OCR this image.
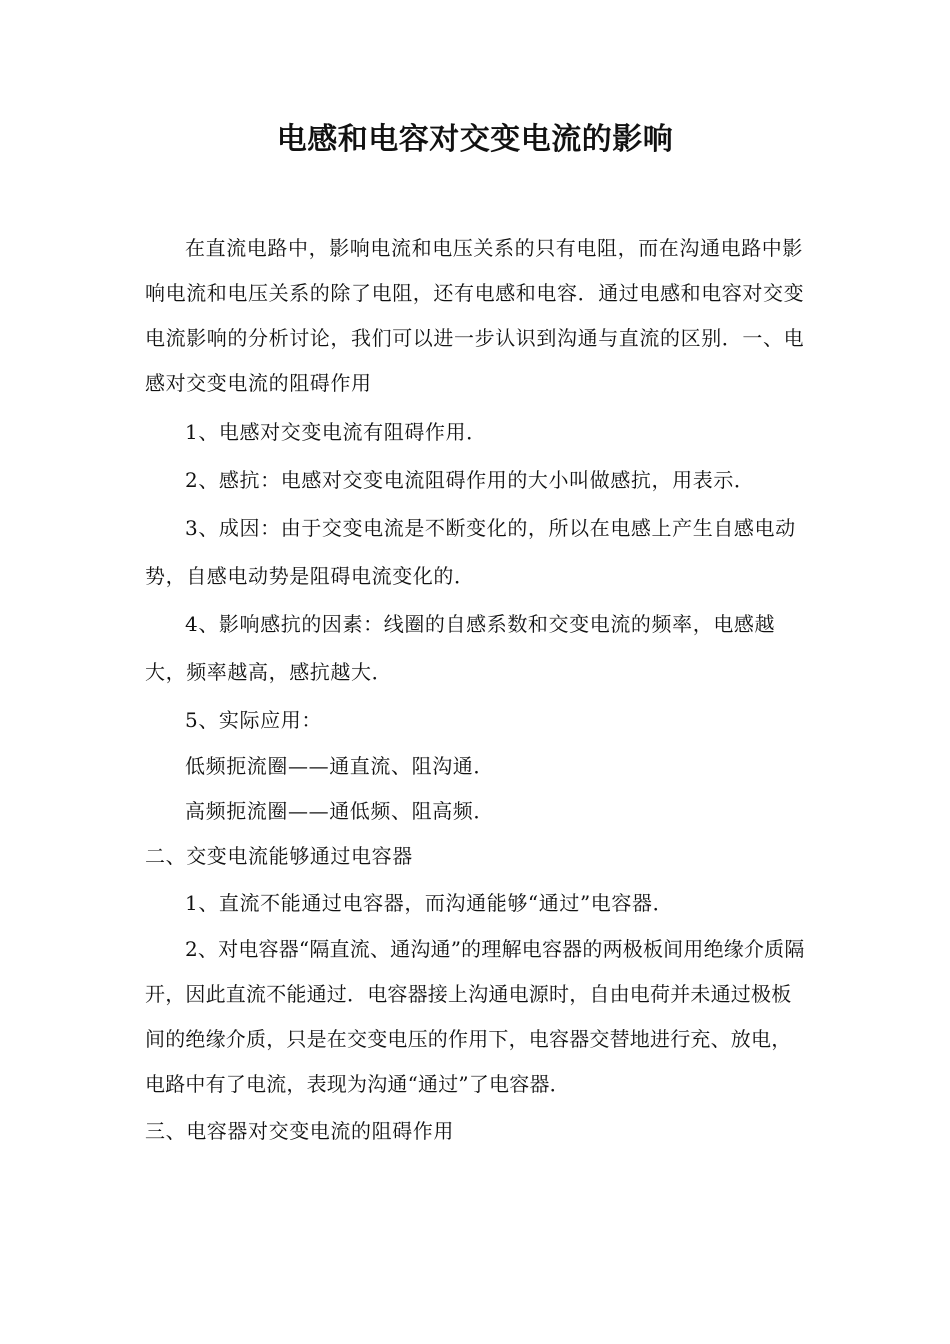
电感和电容对交变电流的影响

在直流电路中，影响电流和电压关系的只有电阻，而在沟通电路中影响电流和电压关系的除了电阻，还有电感和电容．通过电感和电容对交变电流影响的分析讨论，我们可以进一步认识到沟通与直流的区别．一、电感对交变电流的阻碍作用

1、电感对交变电流有阻碍作用．

2、感抗：电感对交变电流阻碍作用的大小叫做感抗，用表示．

3、成因：由于交变电流是不断变化的，所以在电感上产生自感电动势，自感电动势是阻碍电流变化的．

4、影响感抗的因素：线圈的自感系数和交变电流的频率，电感越大，频率越高，感抗越大．

5、实际应用：

低频扼流圈——通直流、阻沟通．

高频扼流圈——通低频、阻高频．

二、交变电流能够通过电容器

1、直流不能通过电容器，而沟通能够“通过”电容器．

2、对电容器“隔直流、通沟通”的理解电容器的两极板间用绝缘介质隔开，因此直流不能通过．电容器接上沟通电源时，自由电荷并未通过极板间的绝缘介质，只是在交变电压的作用下，电容器交替地进行充、放电，电路中有了电流，表现为沟通“通过”了电容器．

三、电容器对交变电流的阻碍作用
